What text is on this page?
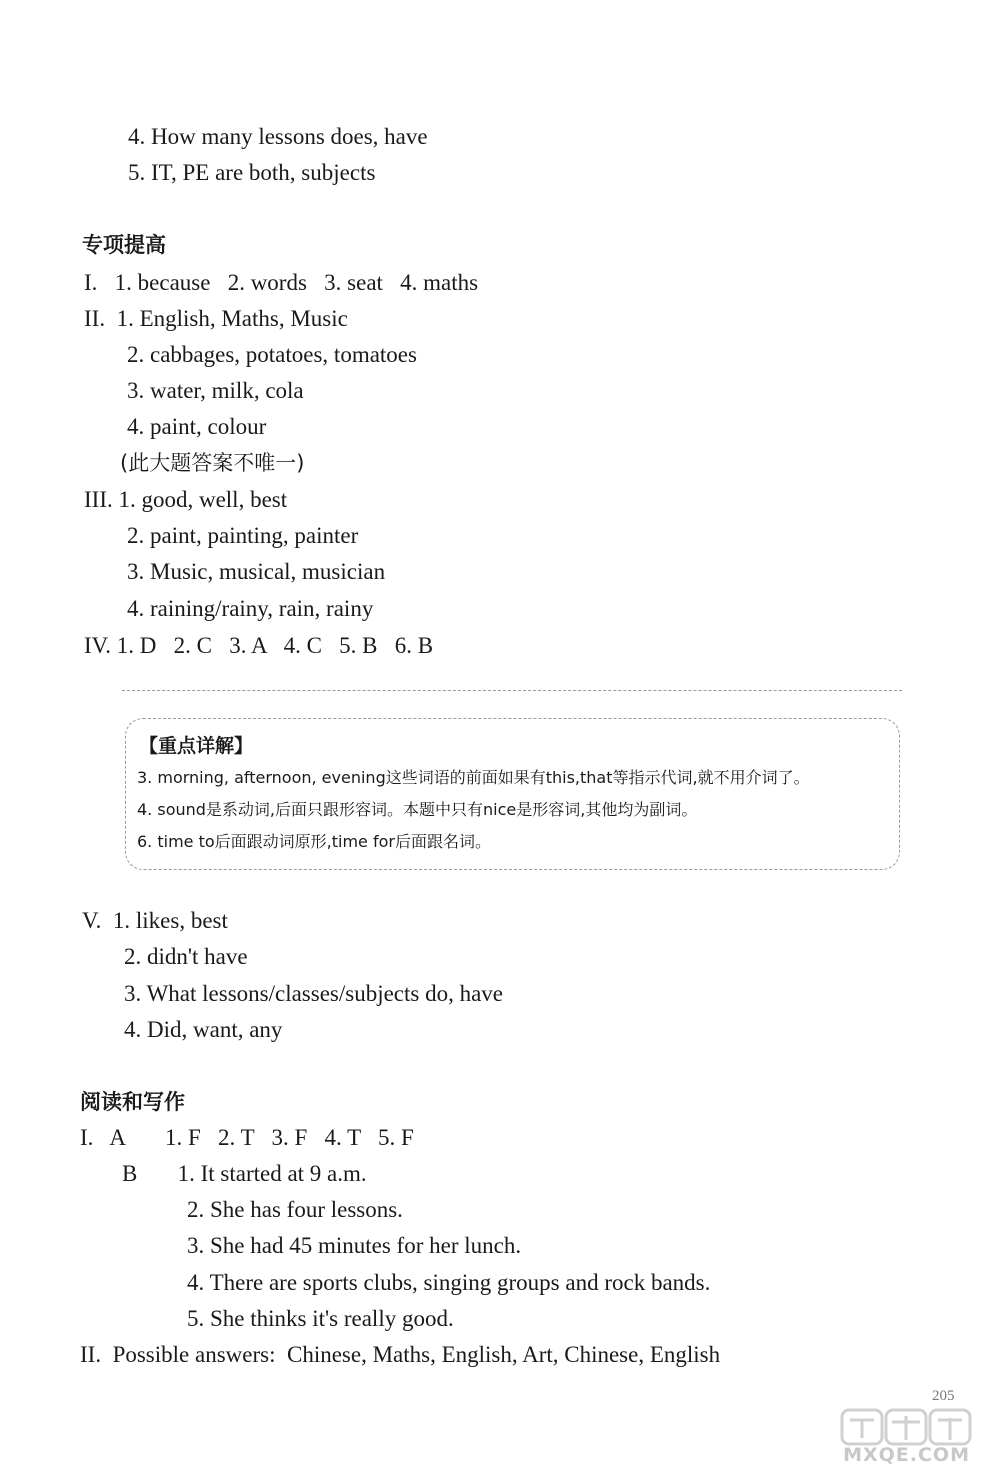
4. How many lessons does, have
5. IT, PE are both, subjects
专项提高
I.   1. because   2. words   3. seat   4. maths
II.  1. English, Maths, Music
2. cabbages, potatoes, tomatoes
3. water, milk, cola
4. paint, colour
(此大题答案不唯一)
III. 1. good, well, best
2. paint, painting, painter
3. Music, musical, musician
4. raining/rainy, rain, rainy
IV. 1. D   2. C   3. A   4. C   5. B   6. B
【重点详解】
3. morning, afternoon, evening这些词语的前面如果有this,that等指示代词,就不用介词了。
4. sound是系动词,后面只跟形容词。本题中只有nice是形容词,其他均为副词。
6. time to后面跟动词原形,time for后面跟名词。
V.  1. likes, best
2. didn't have
3. What lessons/classes/subjects do, have
4. Did, want, any
阅读和写作
I.   A       1. F   2. T   3. F   4. T   5. F
B       1. It started at 9 a.m.
2. She has four lessons.
3. She had 45 minutes for her lunch.
4. There are sports clubs, singing groups and rock bands.
5. She thinks it's really good.
II.  Possible answers:  Chinese, Maths, English, Art, Chinese, English
205
MXQE.COM
